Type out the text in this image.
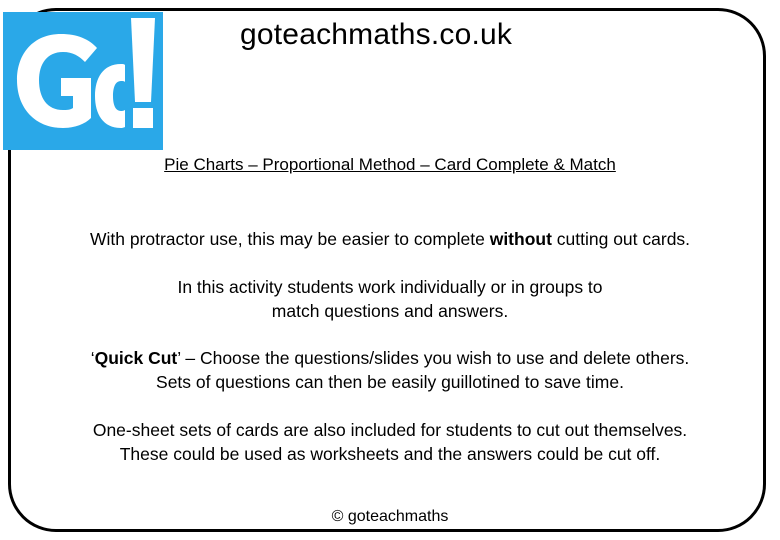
goteachmaths.co.uk
Pie Charts – Proportional Method – Card Complete & Match
With protractor use, this may be easier to complete without cutting out cards.
In this activity students work individually or in groups to
match questions and answers.
‘Quick Cut’ – Choose the questions/slides you wish to use and delete others.
Sets of questions can then be easily guillotined to save time.
One-sheet sets of cards are also included for students to cut out themselves.
These could be used as worksheets and the answers could be cut off.
© goteachmaths
